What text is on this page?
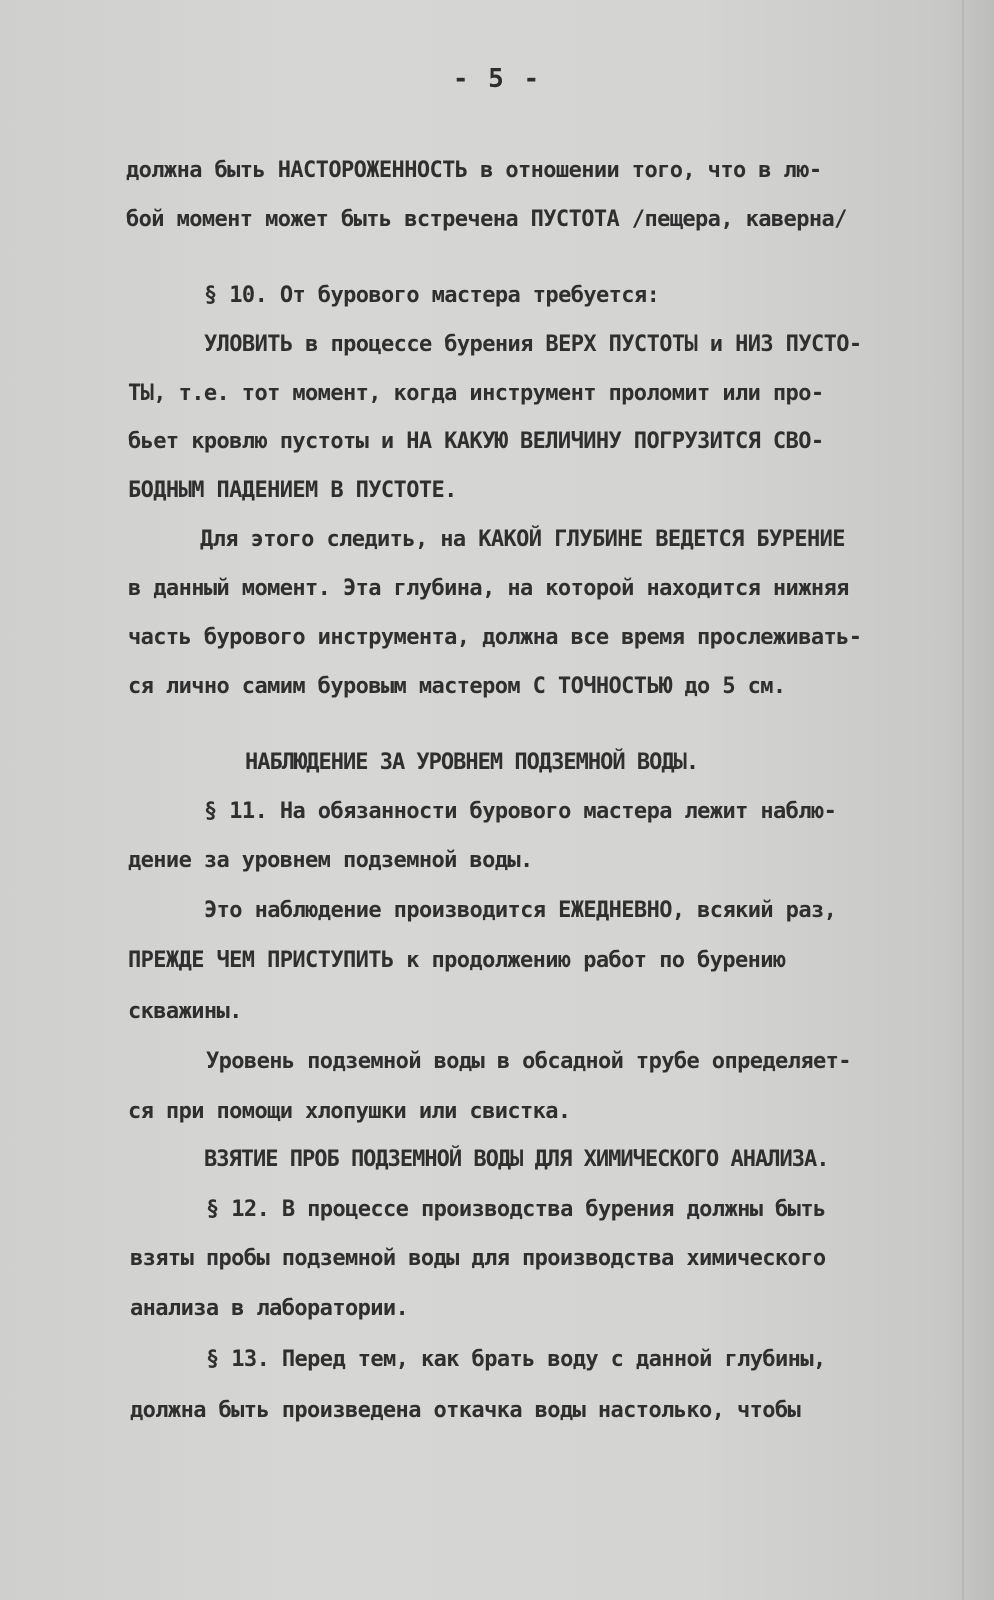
- 5 -
должна быть НАСТОРОЖЕННОСТЬ в отношении того, что в лю-
бой момент может быть встречена ПУСТОТА /пещера, каверна/
§ 10. От бурового мастера требуется:
УЛОВИТЬ в процессе бурения ВЕРХ ПУСТОТЫ и НИЗ ПУСТО-
ТЫ, т.е. тот момент, когда инструмент проломит или про-
бьет кровлю пустоты и НА КАКУЮ ВЕЛИЧИНУ ПОГРУЗИТСЯ СВО-
БОДНЫМ ПАДЕНИЕМ В ПУСТОТЕ.
Для этого следить, на КАКОЙ ГЛУБИНЕ ВЕДЕТСЯ БУРЕНИЕ
в данный момент. Эта глубина, на которой находится нижняя
часть бурового инструмента, должна все время прослеживать-
ся лично самим буровым мастером С ТОЧНОСТЬЮ до 5 см.
НАБЛЮДЕНИЕ ЗА УРОВНЕМ ПОДЗЕМНОЙ ВОДЫ.
§ 11. На обязанности бурового мастера лежит наблю-
дение за уровнем подземной воды.
Это наблюдение производится ЕЖЕДНЕВНО, всякий раз,
ПРЕЖДЕ ЧЕМ ПРИСТУПИТЬ к продолжению работ по бурению
скважины.
Уровень подземной воды в обсадной трубе определяет-
ся при помощи хлопушки или свистка.
ВЗЯТИЕ ПРОБ ПОДЗЕМНОЙ ВОДЫ ДЛЯ ХИМИЧЕСКОГО АНАЛИЗА.
§ 12. В процессе производства бурения должны быть
взяты пробы подземной воды для производства химического
анализа в лаборатории.
§ 13. Перед тем, как брать воду с данной глубины,
должна быть произведена откачка воды настолько, чтобы
